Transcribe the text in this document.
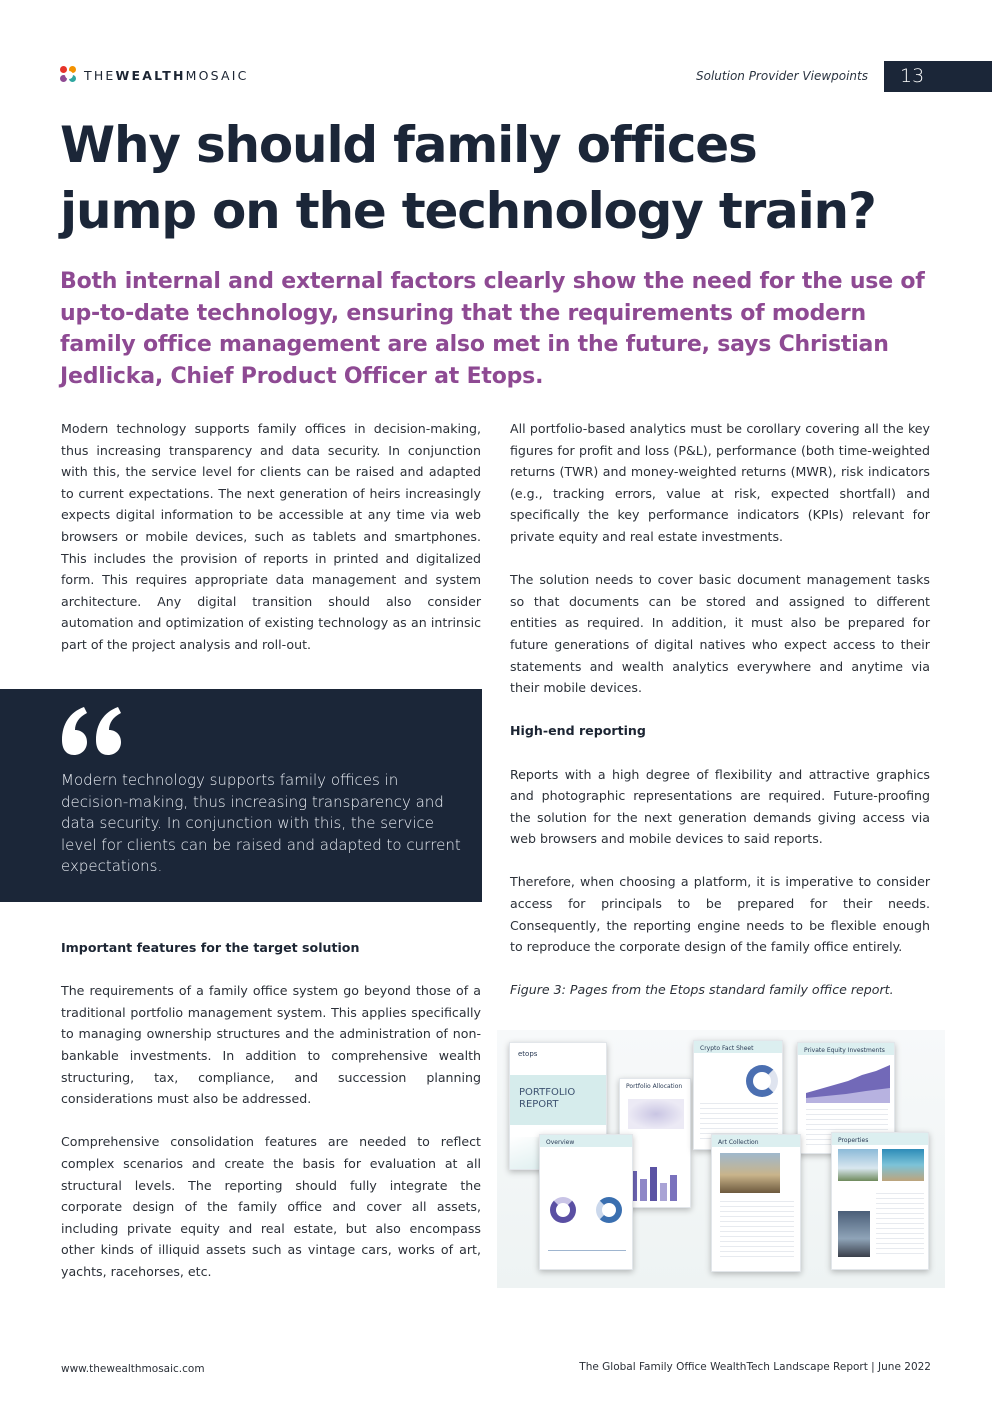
THEWEALTHMOSAIC	Solution Provider Viewpoints	13
Why should family offices
jump on the technology train?
Both internal and external factors clearly show the need for the use of up-to-date technology, ensuring that the requirements of modern family office management are also met in the future, says Christian Jedlicka, Chief Product Officer at Etops.

Modern technology supports family offices in decision-making, thus increasing transparency and data security. In conjunction with this, the service level for clients can be raised and adapted to current expectations. The next generation of heirs increasingly expects digital information to be accessible at any time via web browsers or mobile devices, such as tablets and smartphones. This includes the provision of reports in printed and digitalized form. This requires appropriate data management and system architecture. Any digital transition should also consider automation and optimization of existing technology as an intrinsic part of the project analysis and roll-out.

Modern technology supports family offices in decision-making, thus increasing transparency and data security. In conjunction with this, the service level for clients can be raised and adapted to current expectations.
Important features for the target solution

The requirements of a family office system go beyond those of a traditional portfolio management system. This applies specifically to managing ownership structures and the administration of non-bankable investments. In addition to comprehensive wealth structuring, tax, compliance, and succession planning considerations must also be addressed.

Comprehensive consolidation features are needed to reflect complex scenarios and create the basis for evaluation at all structural levels. The reporting should fully integrate the corporate design of the family office and cover all assets, including private equity and real estate, but also encompass other kinds of illiquid assets such as vintage cars, works of art, yachts, racehorses, etc.

All portfolio-based analytics must be corollary covering all the key figures for profit and loss (P&L), performance (both time-weighted returns (TWR) and money-weighted returns (MWR), risk indicators (e.g., tracking errors, value at risk, expected shortfall) and specifically the key performance indicators (KPIs) relevant for private equity and real estate investments.

The solution needs to cover basic document management tasks so that documents can be stored and assigned to different entities as required. In addition, it must also be prepared for future generations of digital natives who expect access to their statements and wealth analytics everywhere and anytime via their mobile devices.

High-end reporting

Reports with a high degree of flexibility and attractive graphics and photographic representations are required. Future-proofing the solution for the next generation demands giving access via web browsers and mobile devices to said reports.

Therefore, when choosing a platform, it is imperative to consider access for principals to be prepared for their needs. Consequently, the reporting engine needs to be flexible enough to reproduce the corporate design of the family office entirely.

Figure 3: Pages from the Etops standard family office report.

etops
PORTFOLIO
REPORT
Portfolio Allocation
Crypto Fact Sheet	Private Equity Investments
Overview	Art Collection	Properties
www.thewealthmosaic.com	The Global Family Office WealthTech Landscape Report | June 2022
